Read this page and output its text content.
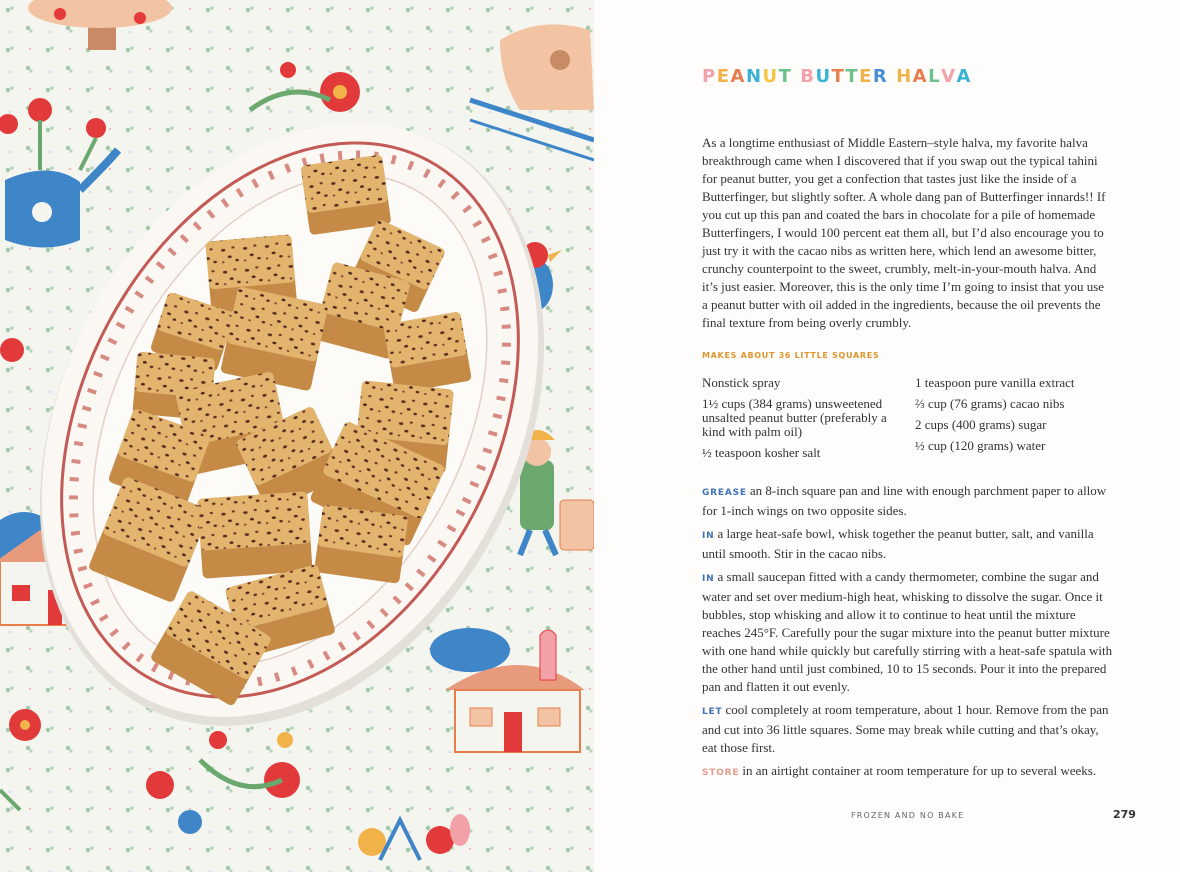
PEANUT BUTTER HALVA

As a longtime enthusiast of Middle Eastern–style halva, my favorite halva breakthrough came when I discovered that if you swap out the typical tahini for peanut butter, you get a confection that tastes just like the inside of a Butterfinger, but slightly softer. A whole dang pan of Butterfinger innards!! If you cut up this pan and coated the bars in chocolate for a pile of homemade Butterfingers, I would 100 percent eat them all, but I’d also encourage you to just try it with the cacao nibs as written here, which lend an awesome bitter, crunchy counterpoint to the sweet, crumbly, melt-in-your-mouth halva. And it’s just easier. Moreover, this is the only time I’m going to insist that you use a peanut butter with oil added in the ingredients, because the oil prevents the final texture from being overly crumbly.

MAKES ABOUT 36 LITTLE SQUARES
Nonstick spray
1½ cups (384 grams) unsweetened unsalted peanut butter (preferably a kind with palm oil)
½ teaspoon kosher salt
1 teaspoon pure vanilla extract
⅔ cup (76 grams) cacao nibs
2 cups (400 grams) sugar
½ cup (120 grams) water

GREASE an 8-inch square pan and line with enough parchment paper to allow for 1-inch wings on two opposite sides.

IN a large heat-safe bowl, whisk together the peanut butter, salt, and vanilla until smooth. Stir in the cacao nibs.

IN a small saucepan fitted with a candy thermometer, combine the sugar and water and set over medium-high heat, whisking to dissolve the sugar. Once it bubbles, stop whisking and allow it to continue to heat until the mixture reaches 245°F. Carefully pour the sugar mixture into the peanut butter mixture with one hand while quickly but carefully stirring with a heat-safe spatula with the other hand until just combined, 10 to 15 seconds. Pour it into the prepared pan and flatten it out evenly.

LET cool completely at room temperature, about 1 hour. Remove from the pan and cut into 36 little squares. Some may break while cutting and that’s okay, eat those first.

STORE in an airtight container at room temperature for up to several weeks.

FROZEN AND NO BAKE	279
